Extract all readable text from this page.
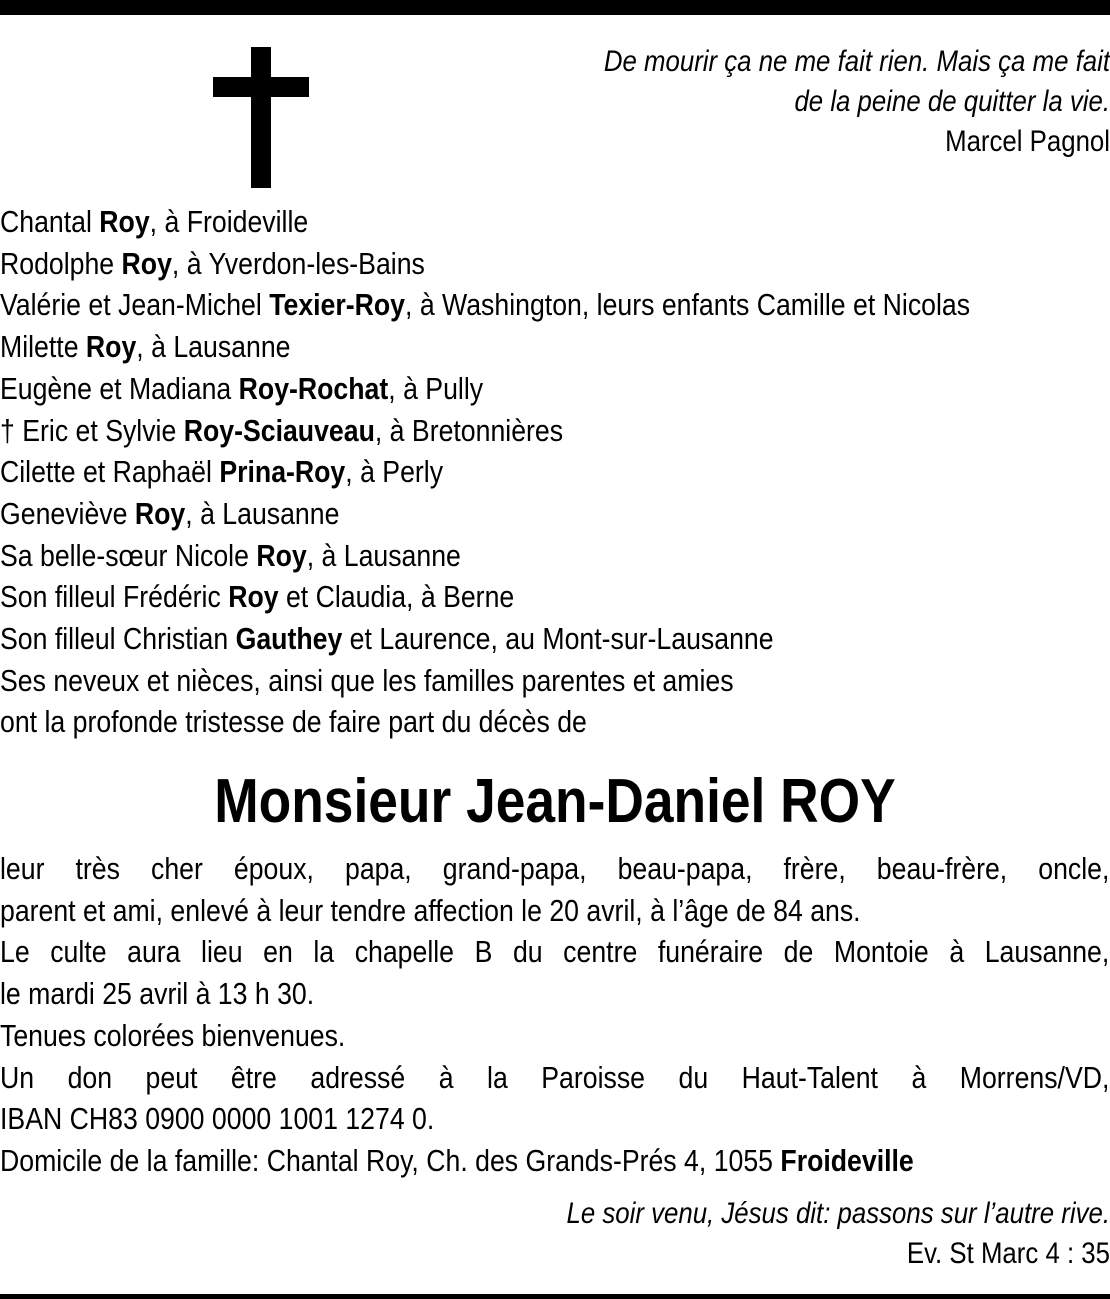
De mourir ça ne me fait rien. Mais ça me fait
de la peine de quitter la vie.
Marcel Pagnol
Chantal Roy, à Froideville
Rodolphe Roy, à Yverdon-les-Bains
Valérie et Jean-Michel Texier-Roy, à Washington, leurs enfants Camille et Nicolas
Milette Roy, à Lausanne
Eugène et Madiana Roy-Rochat, à Pully
† Eric et Sylvie Roy-Sciauveau, à Bretonnières
Cilette et Raphaël Prina-Roy, à Perly
Geneviève Roy, à Lausanne
Sa belle-sœur Nicole Roy, à Lausanne
Son filleul Frédéric Roy et Claudia, à Berne
Son filleul Christian Gauthey et Laurence, au Mont-sur-Lausanne
Ses neveux et nièces, ainsi que les familles parentes et amies
ont la profonde tristesse de faire part du décès de
Monsieur Jean-Daniel ROY
leur très cher époux, papa, grand-papa, beau-papa, frère, beau-frère, oncle,
parent et ami, enlevé à leur tendre affection le 20 avril, à l’âge de 84 ans.
Le culte aura lieu en la chapelle B du centre funéraire de Montoie à Lausanne,
le mardi 25 avril à 13 h 30.
Tenues colorées bienvenues.
Un don peut être adressé à la Paroisse du Haut-Talent à Morrens/VD,
IBAN CH83 0900 0000 1001 1274 0.
Domicile de la famille: Chantal Roy, Ch. des Grands-Prés 4, 1055 Froideville
Le soir venu, Jésus dit: passons sur l’autre rive.
Ev. St Marc 4 : 35
